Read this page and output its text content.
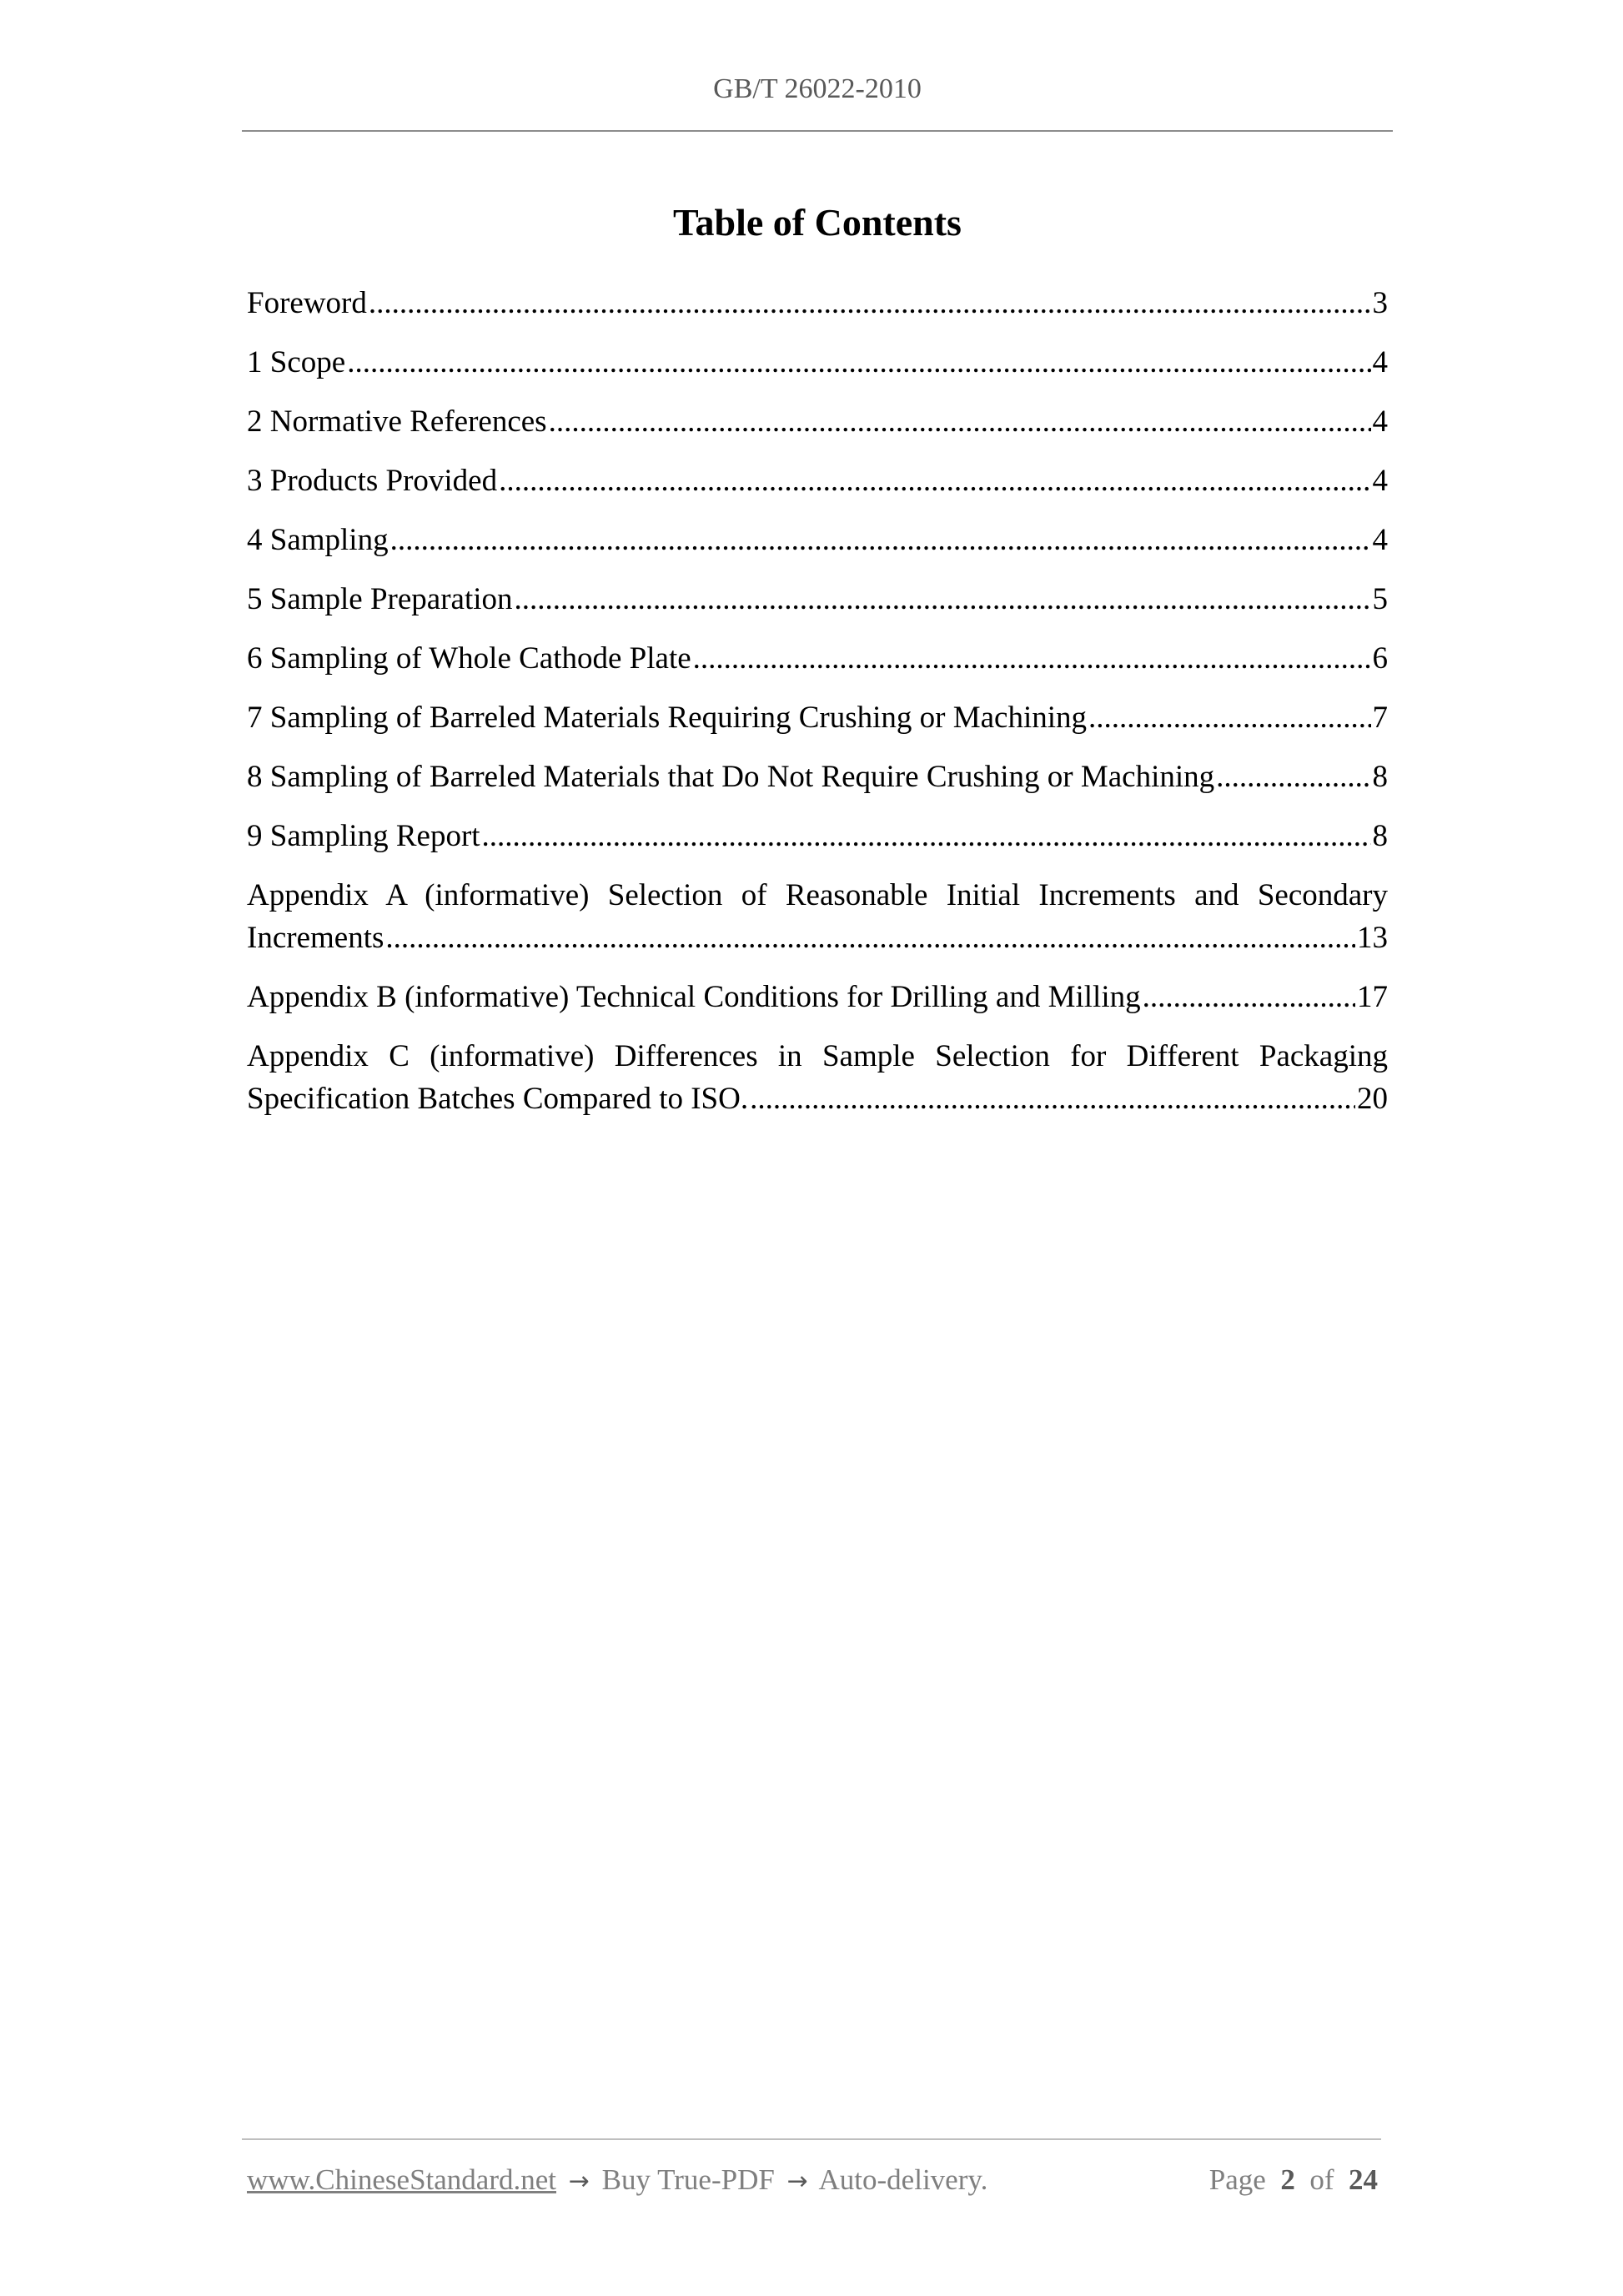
GB/T 26022-2010
Table of Contents
Foreword .....	3
1 Scope .....	4
2 Normative References .....	4
3 Products Provided .....	4
4 Sampling .....	4
5 Sample Preparation .....	5
6 Sampling of Whole Cathode Plate .....	6
7 Sampling of Barreled Materials Requiring Crushing or Machining .....	7
8 Sampling of Barreled Materials that Do Not Require Crushing or Machining .....	8
9 Sampling Report .....	8
Appendix A (informative) Selection of Reasonable Initial Increments and Secondary
Increments .....	13
Appendix B (informative) Technical Conditions for Drilling and Milling .....	17
Appendix C (informative) Differences in Sample Selection for Different Packaging
Specification Batches Compared to ISO. .....	20
www.ChineseStandard.net → Buy True-PDF → Auto-delivery.	Page 2 of 24
